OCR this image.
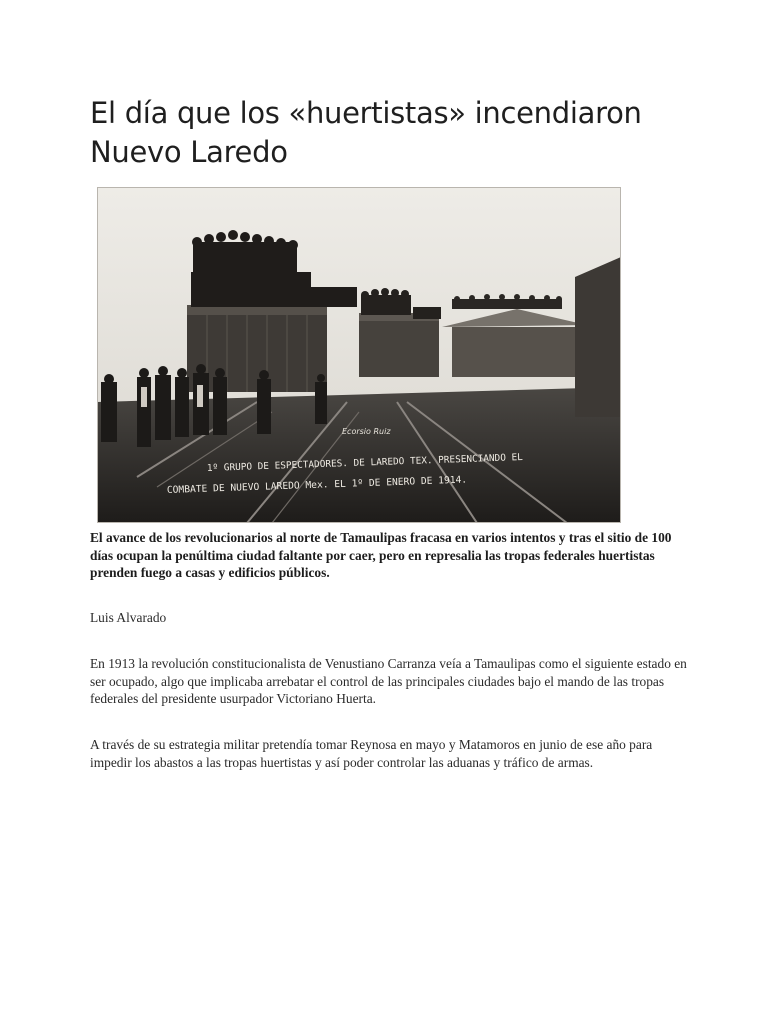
El día que los «huertistas» incendiaron Nuevo Laredo
Ecorsio Ruiz
1º GRUPO DE ESPECTADORES. DE LAREDO TEX. PRESENCIANDO EL
COMBATE DE NUEVO LAREDO Mex. EL 1º DE ENERO DE 1914.

El avance de los revolucionarios al norte de Tamaulipas fracasa en varios intentos y tras el sitio de 100 días ocupan la penúltima ciudad faltante por caer, pero en represalia las tropas federales huertistas prenden fuego a casas y edificios públicos.

Luis Alvarado

En 1913 la revolución constitucionalista de Venustiano Carranza veía a Tamaulipas como el siguiente estado en ser ocupado, algo que implicaba arrebatar el control de las principales ciudades bajo el mando de las tropas federales del presidente usurpador Victoriano Huerta.

A través de su estrategia militar pretendía tomar Reynosa en mayo y Matamoros en junio de ese año para impedir los abastos a las tropas huertistas y así poder controlar las aduanas y tráfico de armas.
